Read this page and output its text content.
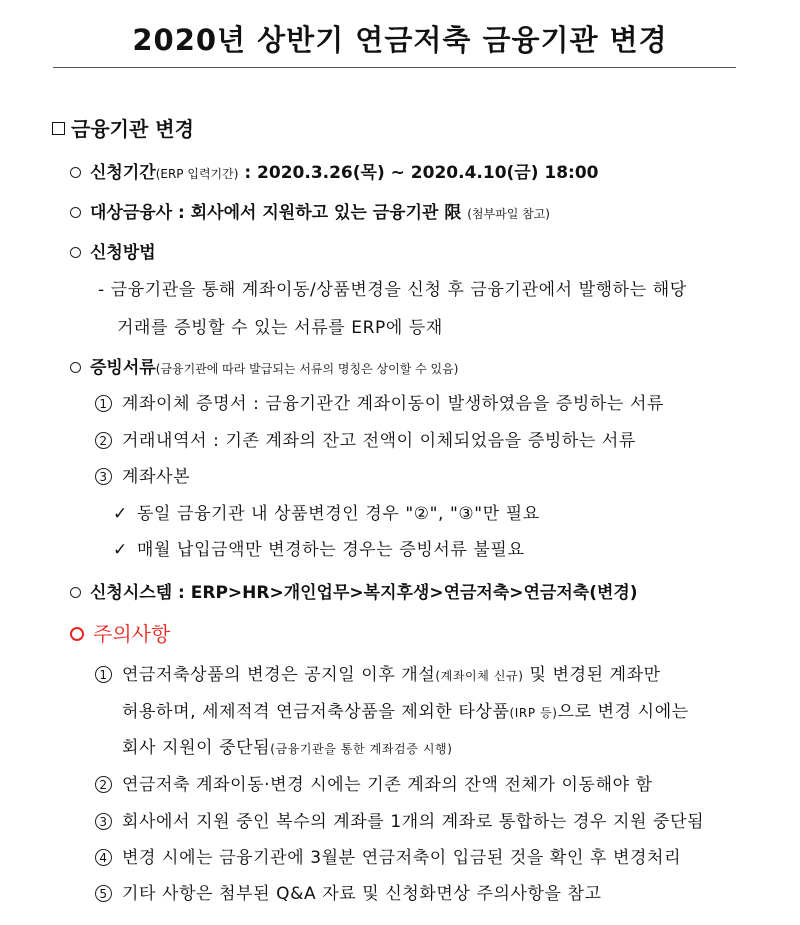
2020년 상반기 연금저축 금융기관 변경
금융기관 변경
신청기간(ERP 입력기간) : 2020.3.26(목) ~ 2020.4.10(금) 18:00
대상금융사 : 회사에서 지원하고 있는 금융기관 限 (첨부파일 참고)
신청방법
- 금융기관을 통해 계좌이동/상품변경을 신청 후 금융기관에서 발행하는 해당
거래를 증빙할 수 있는 서류를 ERP에 등재
증빙서류(금융기관에 따라 발급되는 서류의 명칭은 상이할 수 있음)
1 계좌이체 증명서 : 금융기관간 계좌이동이 발생하였음을 증빙하는 서류
2 거래내역서 : 기존 계좌의 잔고 전액이 이체되었음을 증빙하는 서류
3 계좌사본
✓ 동일 금융기관 내 상품변경인 경우 "②", "③"만 필요
✓ 매월 납입금액만 변경하는 경우는 증빙서류 불필요
신청시스템 : ERP>HR>개인업무>복지후생>연금저축>연금저축(변경)
주의사항
1 연금저축상품의 변경은 공지일 이후 개설(계좌이체 신규) 및 변경된 계좌만
허용하며, 세제적격 연금저축상품을 제외한 타상품(IRP 등)으로 변경 시에는
회사 지원이 중단됨(금융기관을 통한 계좌검증 시행)
2 연금저축 계좌이동·변경 시에는 기존 계좌의 잔액 전체가 이동해야 함
3 회사에서 지원 중인 복수의 계좌를 1개의 계좌로 통합하는 경우 지원 중단됨
4 변경 시에는 금융기관에 3월분 연금저축이 입금된 것을 확인 후 변경처리
5 기타 사항은 첨부된 Q&A 자료 및 신청화면상 주의사항을 참고
